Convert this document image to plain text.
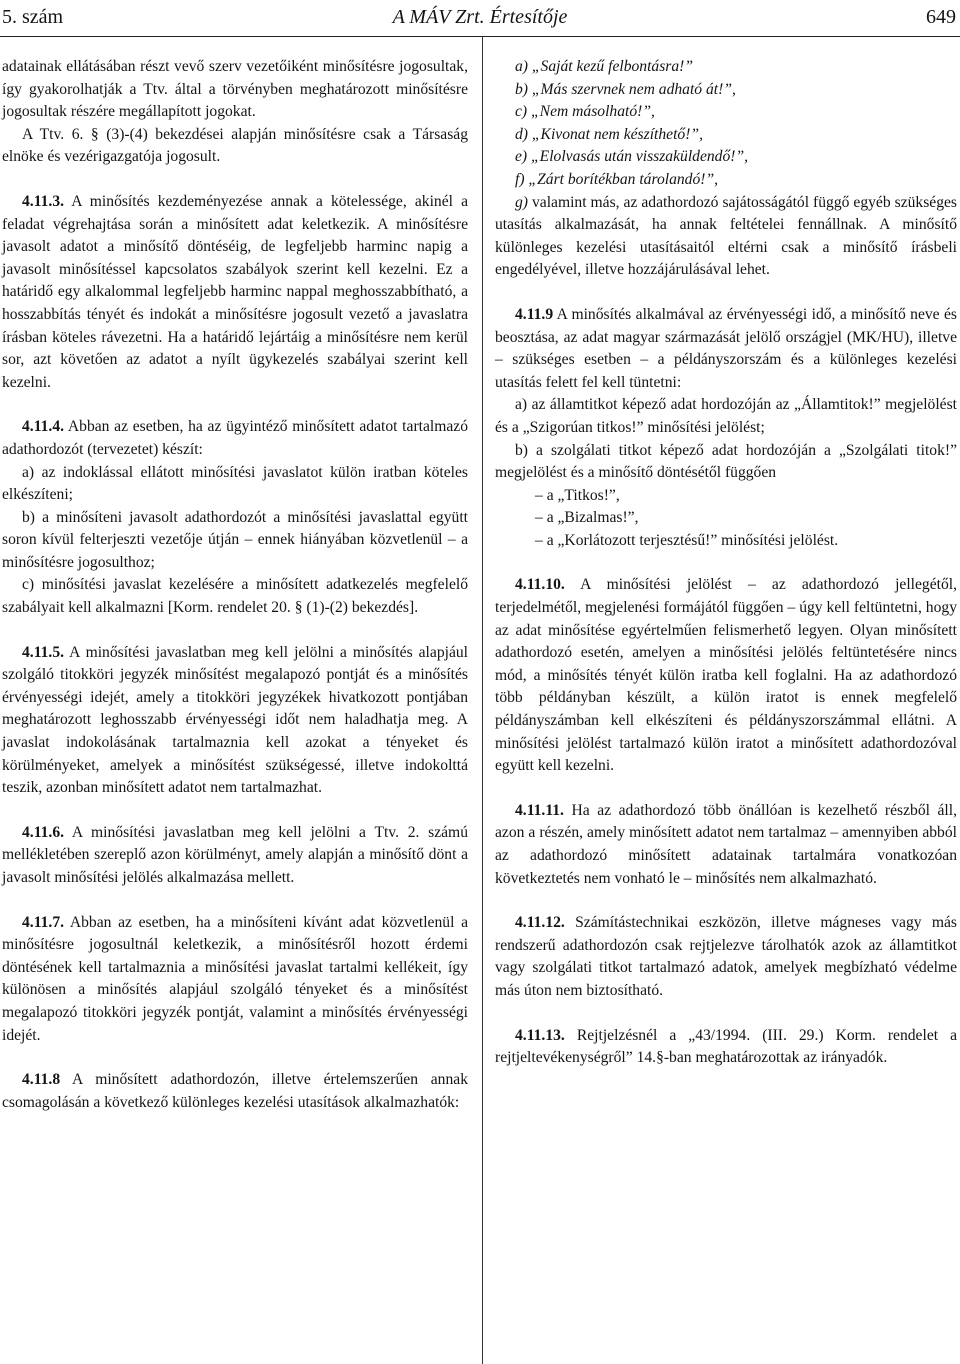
5. szám	A MÁV Zrt. Értesítője	649

adatainak ellátásában részt vevő szerv vezetőiként minősítésre jogosultak, így gyakorolhatják a Ttv. által a törvényben meghatározott minősítésre jogosultak részére megállapított jogokat.

A Ttv. 6. § (3)-(4) bekezdései alapján minősítésre csak a Társaság elnöke és vezérigazgatója jogosult.

4.11.3. A minősítés kezdeményezése annak a kötelessége, akinél a feladat végrehajtása során a minősített adat keletkezik. A minősítésre javasolt adatot a minősítő döntéséig, de legfeljebb harminc napig a javasolt minősítéssel kapcsolatos szabályok szerint kell kezelni. Ez a határidő egy alkalommal legfeljebb harminc nappal meghosszabbítható, a hosszabbítás tényét és indokát a minősítésre jogosult vezető a javaslatra írásban köteles rávezetni. Ha a határidő lejártáig a minősítésre nem kerül sor, azt követően az adatot a nyílt ügykezelés szabályai szerint kell kezelni.

4.11.4. Abban az esetben, ha az ügyintéző minősített adatot tartalmazó adathordozót (tervezetet) készít:

a) az indoklással ellátott minősítési javaslatot külön iratban köteles elkészíteni;

b) a minősíteni javasolt adathordozót a minősítési javaslattal együtt soron kívül felterjeszti vezetője útján – ennek hiányában közvetlenül – a minősítésre jogosulthoz;

c) minősítési javaslat kezelésére a minősített adatkezelés megfelelő szabályait kell alkalmazni [Korm. rendelet 20. § (1)-(2) bekezdés].

4.11.5. A minősítési javaslatban meg kell jelölni a minősítés alapjául szolgáló titokköri jegyzék minősítést megalapozó pontját és a minősítés érvényességi idejét, amely a titokköri jegyzékek hivatkozott pontjában meghatározott leghosszabb érvényességi időt nem haladhatja meg. A javaslat indokolásának tartalmaznia kell azokat a tényeket és körülményeket, amelyek a minősítést szükségessé, illetve indokolttá teszik, azonban minősített adatot nem tartalmazhat.

4.11.6. A minősítési javaslatban meg kell jelölni a Ttv. 2. számú mellékletében szereplő azon körülményt, amely alapján a minősítő dönt a javasolt minősítési jelölés alkalmazása mellett.

4.11.7. Abban az esetben, ha a minősíteni kívánt adat közvetlenül a minősítésre jogosultnál keletkezik, a minősítésről hozott érdemi döntésének kell tartalmaznia a minősítési javaslat tartalmi kellékeit, így különösen a minősítés alapjául szolgáló tényeket és a minősítést megalapozó titokköri jegyzék pontját, valamint a minősítés érvényességi idejét.

4.11.8 A minősített adathordozón, illetve értelemszerűen annak csomagolásán a következő különleges kezelési utasítások alkalmazhatók:

a) „Saját kezű felbontásra!”

b) „Más szervnek nem adható át!”,

c) „Nem másolható!”,

d) „Kivonat nem készíthető!”,

e) „Elolvasás után visszaküldendő!”,

f) „Zárt borítékban tárolandó!”,

g) valamint más, az adathordozó sajátosságától függő egyéb szükséges utasítás alkalmazását, ha annak feltételei fennállnak. A minősítő különleges kezelési utasításaitól eltérni csak a minősítő írásbeli engedélyével, illetve hozzájárulásával lehet.

4.11.9 A minősítés alkalmával az érvényességi idő, a minősítő neve és beosztása, az adat magyar származását jelölő országjel (MK/HU), illetve – szükséges esetben – a példányszorszám és a különleges kezelési utasítás felett fel kell tüntetni:

a) az államtitkot képező adat hordozóján az „Államtitok!” megjelölést és a „Szigorúan titkos!” minősítési jelölést;

b) a szolgálati titkot képező adat hordozóján a „Szolgálati titok!” megjelölést és a minősítő döntésétől függően

– a „Titkos!”,

– a „Bizalmas!”,

– a „Korlátozott terjesztésű!” minősítési jelölést.

4.11.10. A minősítési jelölést – az adathordozó jellegétől, terjedelmétől, megjelenési formájától függően – úgy kell feltüntetni, hogy az adat minősítése egyértelműen felismerhető legyen. Olyan minősített adathordozó esetén, amelyen a minősítési jelölés feltüntetésére nincs mód, a minősítés tényét külön iratba kell foglalni. Ha az adathordozó több példányban készült, a külön iratot is ennek megfelelő példányszámban kell elkészíteni és példányszorszámmal ellátni. A minősítési jelölést tartalmazó külön iratot a minősített adathordozóval együtt kell kezelni.

4.11.11. Ha az adathordozó több önállóan is kezelhető részből áll, azon a részén, amely minősített adatot nem tartalmaz – amennyiben abból az adathordozó minősített adatainak tartalmára vonatkozóan következtetés nem vonható le – minősítés nem alkalmazható.

4.11.12. Számítástechnikai eszközön, illetve mágneses vagy más rendszerű adathordozón csak rejtjelezve tárolhatók azok az államtitkot vagy szolgálati titkot tartalmazó adatok, amelyek megbízható védelme más úton nem biztosítható.

4.11.13. Rejtjelzésnél a „43/1994. (III. 29.) Korm. rendelet a rejtjeltevékenységről” 14.§-ban meghatározottak az irányadók.
